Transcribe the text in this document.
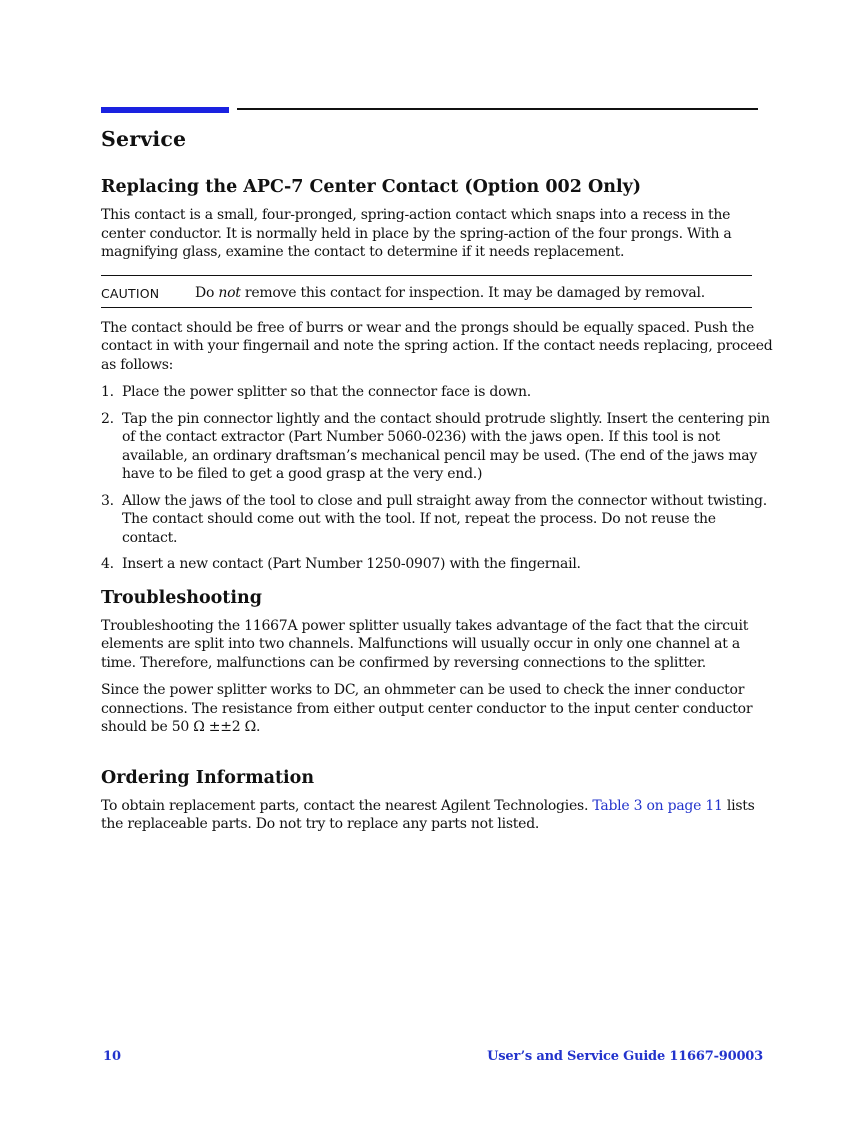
Service
Replacing the APC-7 Center Contact (Option 002 Only)

This contact is a small, four-pronged, spring-action contact which snaps into a recess in the center conductor. It is normally held in place by the spring-action of the four prongs. With a magnifying glass, examine the contact to determine if it needs replacement.

CAUTION	Do not remove this contact for inspection. It may be damaged by removal.

The contact should be free of burrs or wear and the prongs should be equally spaced. Push the contact in with your fingernail and note the spring action. If the contact needs replacing, proceed as follows:

1. Place the power splitter so that the connector face is down.
2. Tap the pin connector lightly and the contact should protrude slightly. Insert the centering pin of the contact extractor (Part Number 5060-0236) with the jaws open. If this tool is not available, an ordinary draftsman’s mechanical pencil may be used. (The end of the jaws may have to be filed to get a good grasp at the very end.)
3. Allow the jaws of the tool to close and pull straight away from the connector without twisting. The contact should come out with the tool. If not, repeat the process. Do not reuse the contact.
4. Insert a new contact (Part Number 1250-0907) with the fingernail.
Troubleshooting

Troubleshooting the 11667A power splitter usually takes advantage of the fact that the circuit elements are split into two channels. Malfunctions will usually occur in only one channel at a time. Therefore, malfunctions can be confirmed by reversing connections to the splitter.

Since the power splitter works to DC, an ohmmeter can be used to check the inner conductor connections. The resistance from either output center conductor to the input center conductor should be 50 Ω ±±2 Ω.

Ordering Information

To obtain replacement parts, contact the nearest Agilent Technologies. Table 3 on page 11 lists the replaceable parts. Do not try to replace any parts not listed.

10	User’s and Service Guide 11667-90003
